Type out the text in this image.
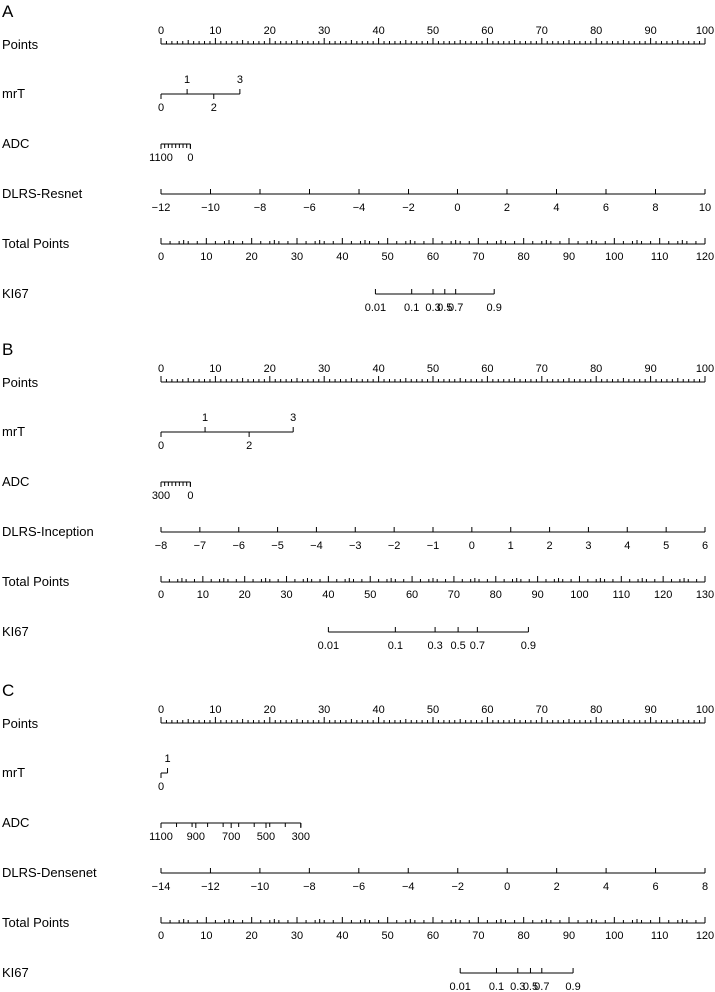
A
Points
0	10	20	30	40	50	60	70	80	90	100
mrT
0
1
2
3
ADC
1100 0
DLRS-Resnet
−12	−10	−8	−6	−4	−2	0	2	4	6	8	10
Total Points
0	10	20	30	40	50	60	70	80	90	100 110 120
KI67
0.01 0.1 0.3
0.5
0.7 0.9
B
Points
0	10	20	30	40	50	60	70	80	90	100
mrT
0
1
2
3
ADC
300 0
DLRS-Inception
−8 −7 −6 −5 −4 −3 −2 −1	0	1	2	3	4	5	6
Total Points
0	10	20	30	40	50	60	70	80	90 100 110 120 130
KI67
0.01	0.1 0.3 0.5 0.7	0.9
C
Points
0	10	20	30	40	50	60	70	80	90	100
mrT
0
1
ADC
1100 900 700 500 300
DLRS-Densenet
−14	−12	−10	−8	−6	−4	−2	0	2	4	6	8
Total Points
0	10	20	30	40	50	60	70	80	90	100 110 120
KI67
0.01 0.1 0.3
0.5
0.7 0.9
